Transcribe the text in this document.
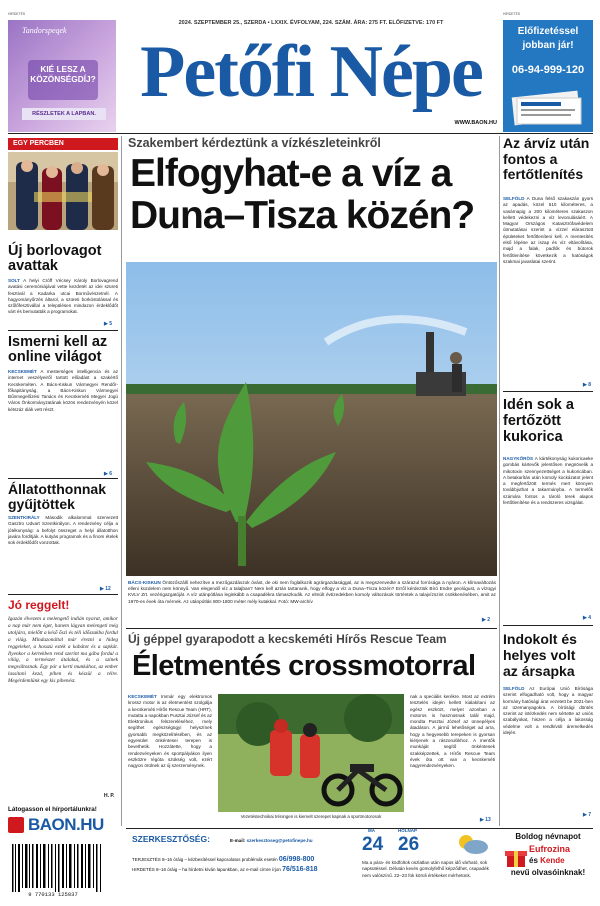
HIRDETÉS
Tandorspeqek
KIÉ LESZ A KÖZÖNSÉGDÍJ?
RÉSZLETEK A LAPBAN.
2024. SZEPTEMBER 25., SZERDA • LXXIX. ÉVFOLYAM, 224. SZÁM. ÁRA: 275 FT. ELŐFIZETVE: 170 FT
Petőfi Népe
WWW.BAON.HU
HIRDETÉS
Előfizetéssel
jobban jár!
06-94-999-120
EGY PERCBEN
Új borlovagot avattak
SOLT A helyi Cróff Vécsey Károly Borlovagrend avatási ceremóniájával vette kezdetét az idei szüreti fesztivál a Kadarka utcai Borművészetnél. A hagyományőrzés áltarol, a szüreti borkóstolással és szőlőfesztivállal a településen mindazon érdeklődőt várt és bemutatták a programokat.
▶ 5
Ismerni kell az online világot
KECSKEMÉT A mesterséges intelligencia és az internet veszélyeiről tartott előadást a szakértő Kecskeméten. A Bács-Kiskun Vármegyei Rendőr-főkapitányság, a Bács-Kiskun Vármegyei Bűnmegelőzési Tanács és Kecskeméti Megyei Jogú Város Önkormányzatának közös rendezvényén közel kétszáz diák vett részt.
▶ 6
Állatotthonnak gyűjtöttek
SZENTKIRÁLY Második alkalommal szervezett Gasztro Udvart Szentkirályon. A rendezvény célja a jótékonyság: a befolyt összeget a helyi állatotthon javára fordítják. A kutyás programok és a finom ételek sok érdeklődőt vonzottak.
▶ 12
Jó reggelt!
Igazán élvezem a melengető indián nyarat, amikor a nap már nem éget, hanem lágyan melengeti még utoljára, mielőtt a késő őszi és téli időszakba fordul a világ. Mindazonáltal már érezni a hideg reggeleket, a hosszú esték a kabátot és a sapkát. Ilyenkor a kertekben rend szerint ma gába fordul a világ, a természet átalakul, és a színek megváltoznak. Egy pár a kerti munkához, az ember lassítani kezd, pihen és készül a télre. Megérdemlünk egy kis pihenést.
H. P.
Látogasson el hírportálunkra!
BAON.HU
9 770133 125037
Szakembert kérdeztünk a vízkészleteinkről
Elfogyhat-e a víz a Duna–Tisza közén?
BÁCS-KISKUN Öntözőszállí nehezítve a mezőgazdászok óvást, de oki nem foglalkozik agrárgazdasággal, az is megszenvedte a szárazul forrósága a nyáron. A klímaváltozás elleni küzdelem nem könnyű. Van elegendő víz a talajban? Nem kell aztán tartanunk, hogy elfogy a víz a Duna–Tisza közén? Erről kérdeztük Bíró Endre geológust, a vízügyi KVLV Zrt. vezérigazgatóját. A víz utánpótlása leginkább a csapadékra támaszkodik. Az elmúlt évtizedekben komoly változások történtek a talajvízszint csökkenésében, amit az 1970-es évek óta mérnek. Az utánpótlás 800-1800 méter mély kutakkal. Fotó: MW-archív
▶ 2
Új géppel gyarapodott a kecskeméti Hírős Rescue Team
Életmentés crossmotorral
KECSKEMÉT Immár egy elektromos krossz motor is az életmentést szolgálja a kecskeméti Hírős Rescue Team (HRT), mutatta a napokban Pusztai József és az Elektronikus felszereléséhez, mely segíthet egészségügyi helyszínek gyorsabb megközelítésében, és az egyesület önkéntesei terepen is bevethetik. Hozzátette, hogy a rendezvényeken és sportpályákon ilyen eszközre régóta szükség volt, ezért nagyon örülnek az új szerzeménynek.
Vezetéstechnikai tréningen is kiemelt szerepet kapnak a sportmotorosok
nak a speciális kerékre. Most az extrém tesztelés idején kellett kialakítani az egész eszközt, melyet azonban a motoros is hasznosnak talál majd, mondta Pusztai József az ünnepélyes átadáson. A jármű lehetőséget ad arra, hogy a hegyesebb terepeken is gyorsan kiérjenek a rászorulókhoz. A mentők munkáját segítő önkéntesek szakképzettek, a Hírős Rescue Team évek óta ott van a kecskeméti nagyrendezvényeken.
▶ 13
SZERKESZTŐSÉG:	E-mail: szerkesztoseg@petofinepe.hu
TERJESZTÉS 8–16 óráig – kézbesítéssel kapcsolatos problémák esetén 06/998-800
HIRDETÉS 8–16 óráig – ha hírdetni kíván lapunkban, az e-mail címre írjon 76/516-818
MA
24
HOLNAP
26
Ma a pára- és ködfoltok oszlatlan után napos idő várható, sok napsütéssel. Délután kevés gomolyfelhő képződhet, csapadék nem valószínű. 22–23 fok körüli értékeket mérhetünk.
Az árvíz után fontos a fertőtlenítés
SELFÖLD A Duna felső szakaszán gyors az apadás, közel 510 kilométeres, a vasárnapig a 200 kilométeres szakaszon kellett védekezni a víz levonulásáért. A Magyar Országos Katasztrófavédelem útmutatásai szerint a vízzel elárasztott épületeket fertőtleníteni kell. A mentesítés első lépése az iszap és víz eltávolítása, majd a falak, padlók és bútorok fertőtlenítése következik a hatóságok szakmai javaslatai szerint.
▶ 8
Idén sok a fertőzött kukorica
NAGYKŐRÖS A kártékonyság kukoricaeke gombás kártevők jelentősen megnövelik a mikotoxin szennyezettséget a kukoricában. A betakarítás után komoly kockázatot jelent a megfertőzött termés mert könnyen továbbjuthat a takarmányba. A termelők számára fontos a tároló terek alapos fertőtlenítése és a rendszeres vizsgálat.
▶ 4
Indokolt és helyes volt az ársapka
SELFÖLD Az Európai Unió Bírósága szerint elfogadható volt, hogy a magyar kormány hatósági árat vezetett be 2021-ben az üzemanyagokra. A bírósági döntés szerint az intézkedés nem sértette az uniós szabályokat, hiszen a célja a lakosság védelme volt a rendkívüli áremelkedés idején.
▶ 7
Boldog névnapot
Eufrozina
és Kende
nevű olvasóinknak!
